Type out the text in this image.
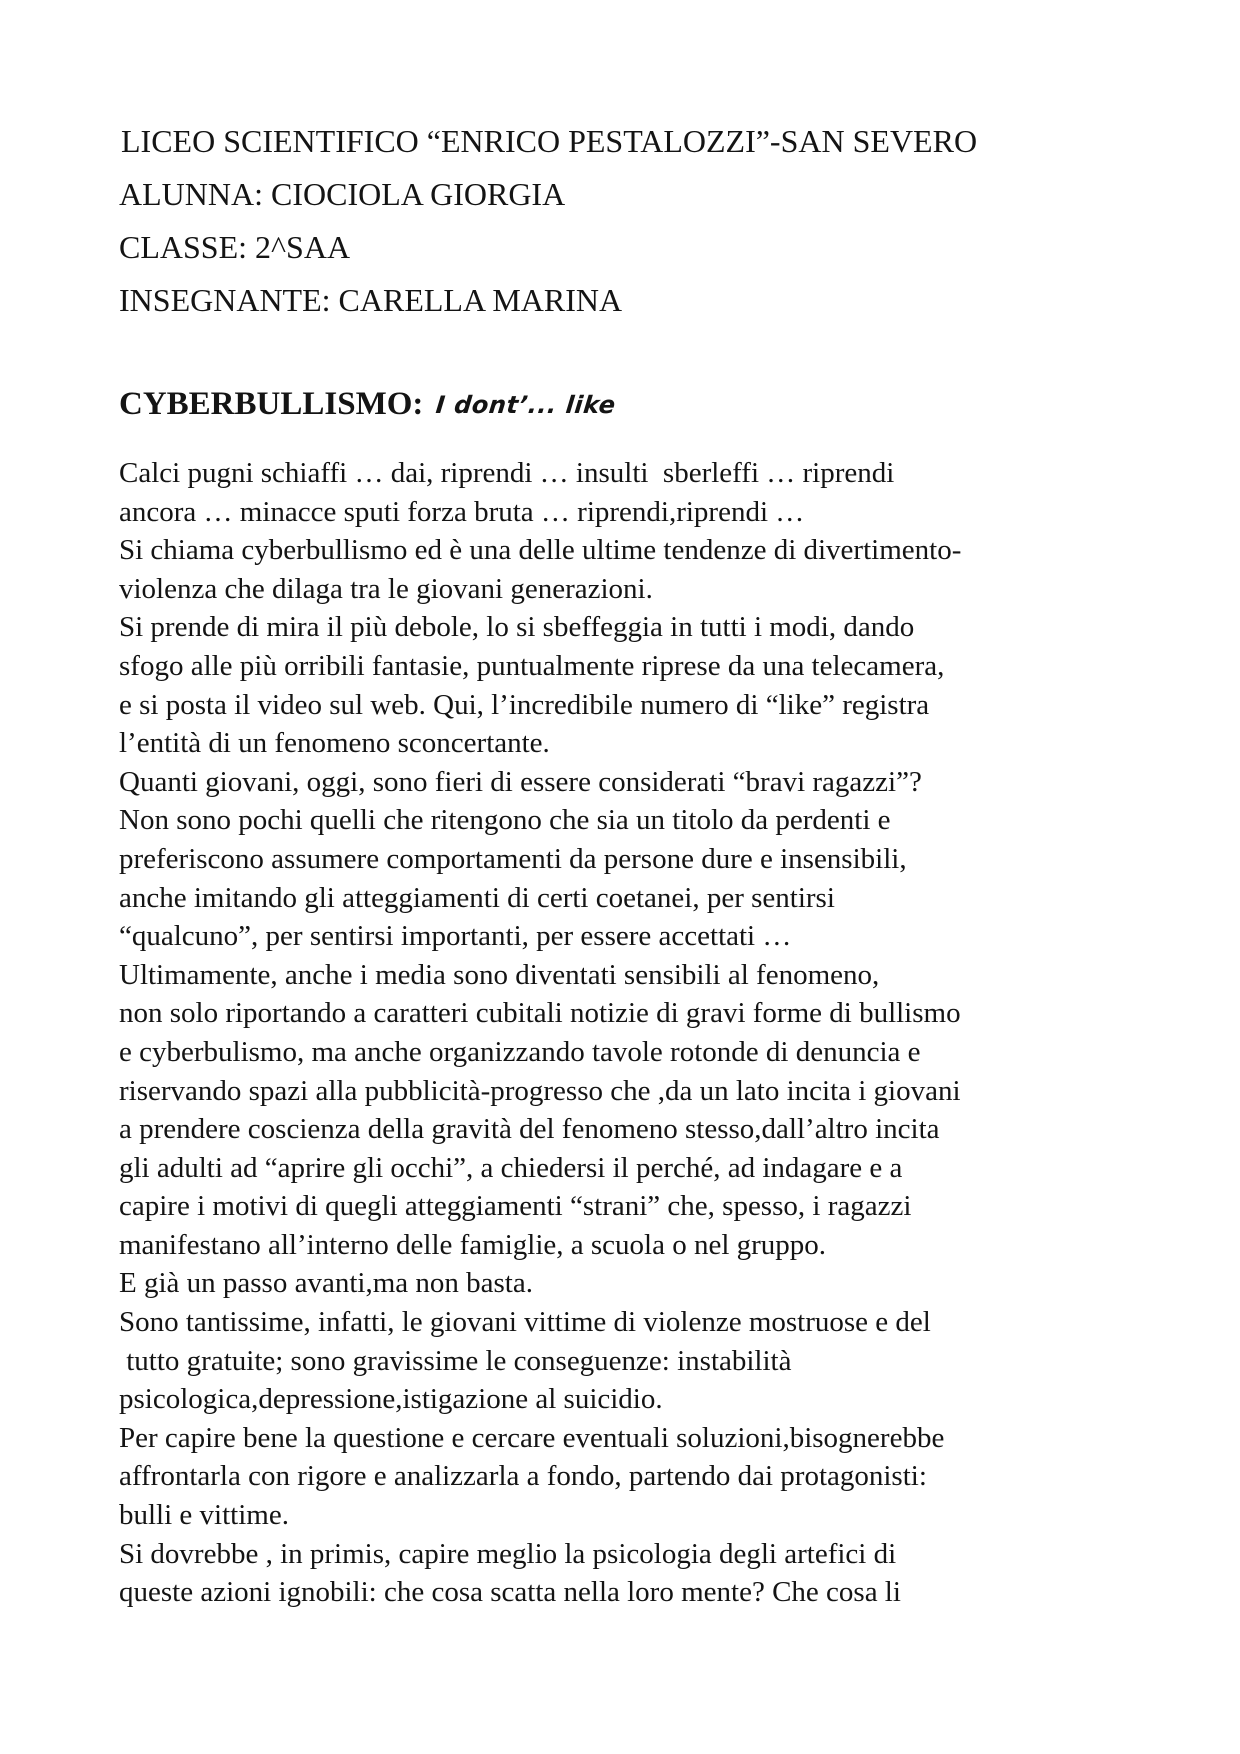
LICEO SCIENTIFICO “ENRICO PESTALOZZI”-SAN SEVERO
ALUNNA: CIOCIOLA GIORGIA
CLASSE: 2^SAA
INSEGNANTE: CARELLA MARINA
CYBERBULLISMO: I dont’... like
Calci pugni schiaffi … dai, riprendi … insulti  sberleffi … riprendi
ancora … minacce sputi forza bruta … riprendi,riprendi …
Si chiama cyberbullismo ed è una delle ultime tendenze di divertimento-
violenza che dilaga tra le giovani generazioni.
Si prende di mira il più debole, lo si sbeffeggia in tutti i modi, dando
sfogo alle più orribili fantasie, puntualmente riprese da una telecamera,
e si posta il video sul web. Qui, l’incredibile numero di “like” registra
l’entità di un fenomeno sconcertante.
Quanti giovani, oggi, sono fieri di essere considerati “bravi ragazzi”?
Non sono pochi quelli che ritengono che sia un titolo da perdenti e
preferiscono assumere comportamenti da persone dure e insensibili,
anche imitando gli atteggiamenti di certi coetanei, per sentirsi
“qualcuno”, per sentirsi importanti, per essere accettati …
Ultimamente, anche i media sono diventati sensibili al fenomeno,
non solo riportando a caratteri cubitali notizie di gravi forme di bullismo
e cyberbulismo, ma anche organizzando tavole rotonde di denuncia e
riservando spazi alla pubblicità-progresso che ,da un lato incita i giovani
a prendere coscienza della gravità del fenomeno stesso,dall’altro incita
gli adulti ad “aprire gli occhi”, a chiedersi il perché, ad indagare e a
capire i motivi di quegli atteggiamenti “strani” che, spesso, i ragazzi
manifestano all’interno delle famiglie, a scuola o nel gruppo.
E già un passo avanti,ma non basta.
Sono tantissime, infatti, le giovani vittime di violenze mostruose e del
tutto gratuite; sono gravissime le conseguenze: instabilità
psicologica,depressione,istigazione al suicidio.
Per capire bene la questione e cercare eventuali soluzioni,bisognerebbe
affrontarla con rigore e analizzarla a fondo, partendo dai protagonisti:
bulli e vittime.
Si dovrebbe , in primis, capire meglio la psicologia degli artefici di
queste azioni ignobili: che cosa scatta nella loro mente? Che cosa li
